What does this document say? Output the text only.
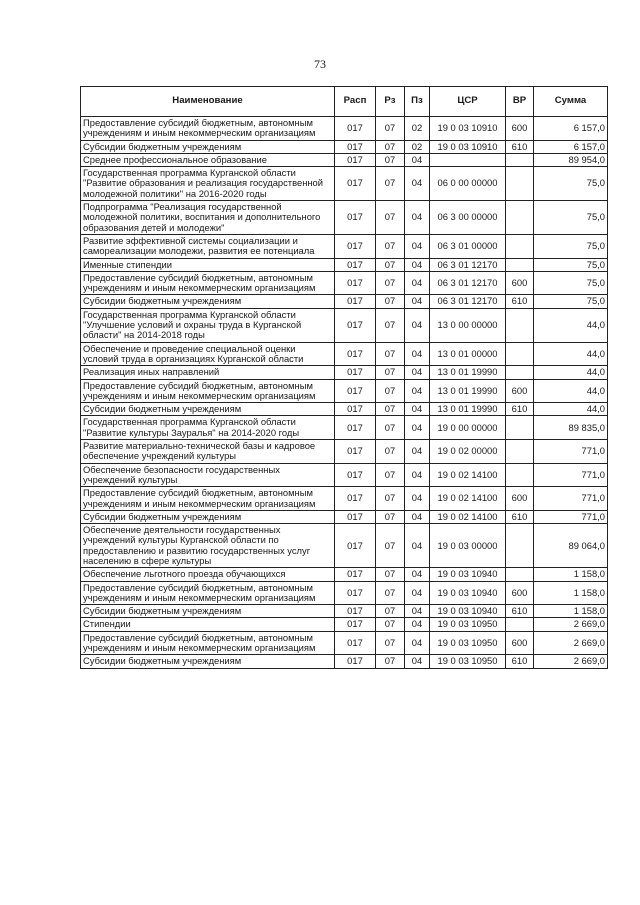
73
Наименование	Расп	Рз	Пз	ЦСР	ВР	Сумма
Предоставление субсидий бюджетным, автономным учреждениям и иным некоммерческим организациям	017	07	02	19 0 03 10910	600	6 157,0
Субсидии бюджетным учреждениям	017	07	02	19 0 03 10910	610	6 157,0
Среднее профессиональное образование	017	07	04			89 954,0
Государственная программа Курганской области "Развитие образования и реализация государственной молодежной политики" на 2016-2020 годы	017	07	04	06 0 00 00000		75,0
Подпрограмма "Реализация государственной молодежной политики, воспитания и дополнительного образования детей и молодежи"	017	07	04	06 3 00 00000		75,0
Развитие эффективной системы социализации и самореализации молодежи, развития ее потенциала	017	07	04	06 3 01 00000		75,0
Именные стипендии	017	07	04	06 3 01 12170		75,0
Предоставление субсидий бюджетным, автономным учреждениям и иным некоммерческим организациям	017	07	04	06 3 01 12170	600	75,0
Субсидии бюджетным учреждениям	017	07	04	06 3 01 12170	610	75,0
Государственная программа Курганской области "Улучшение условий и охраны труда в Курганской области" на 2014-2018 годы	017	07	04	13 0 00 00000		44,0
Обеспечение и проведение специальной оценки условий труда в организациях Курганской области	017	07	04	13 0 01 00000		44,0
Реализация иных направлений	017	07	04	13 0 01 19990		44,0
Предоставление субсидий бюджетным, автономным учреждениям и иным некоммерческим организациям	017	07	04	13 0 01 19990	600	44,0
Субсидии бюджетным учреждениям	017	07	04	13 0 01 19990	610	44,0
Государственная программа Курганской области "Развитие культуры Зауралья" на 2014-2020 годы	017	07	04	19 0 00 00000		89 835,0
Развитие материально-технической базы и кадровое обеспечение учреждений культуры	017	07	04	19 0 02 00000		771,0
Обеспечение безопасности государственных учреждений культуры	017	07	04	19 0 02 14100		771,0
Предоставление субсидий бюджетным, автономным учреждениям и иным некоммерческим организациям	017	07	04	19 0 02 14100	600	771,0
Субсидии бюджетным учреждениям	017	07	04	19 0 02 14100	610	771,0
Обеспечение деятельности государственных учреждений культуры Курганской области по предоставлению и развитию государственных услуг населению в сфере культуры	017	07	04	19 0 03 00000		89 064,0
Обеспечение льготного проезда обучающихся	017	07	04	19 0 03 10940		1 158,0
Предоставление субсидий бюджетным, автономным учреждениям и иным некоммерческим организациям	017	07	04	19 0 03 10940	600	1 158,0
Субсидии бюджетным учреждениям	017	07	04	19 0 03 10940	610	1 158,0
Стипендии	017	07	04	19 0 03 10950		2 669,0
Предоставление субсидий бюджетным, автономным учреждениям и иным некоммерческим организациям	017	07	04	19 0 03 10950	600	2 669,0
Субсидии бюджетным учреждениям	017	07	04	19 0 03 10950	610	2 669,0
